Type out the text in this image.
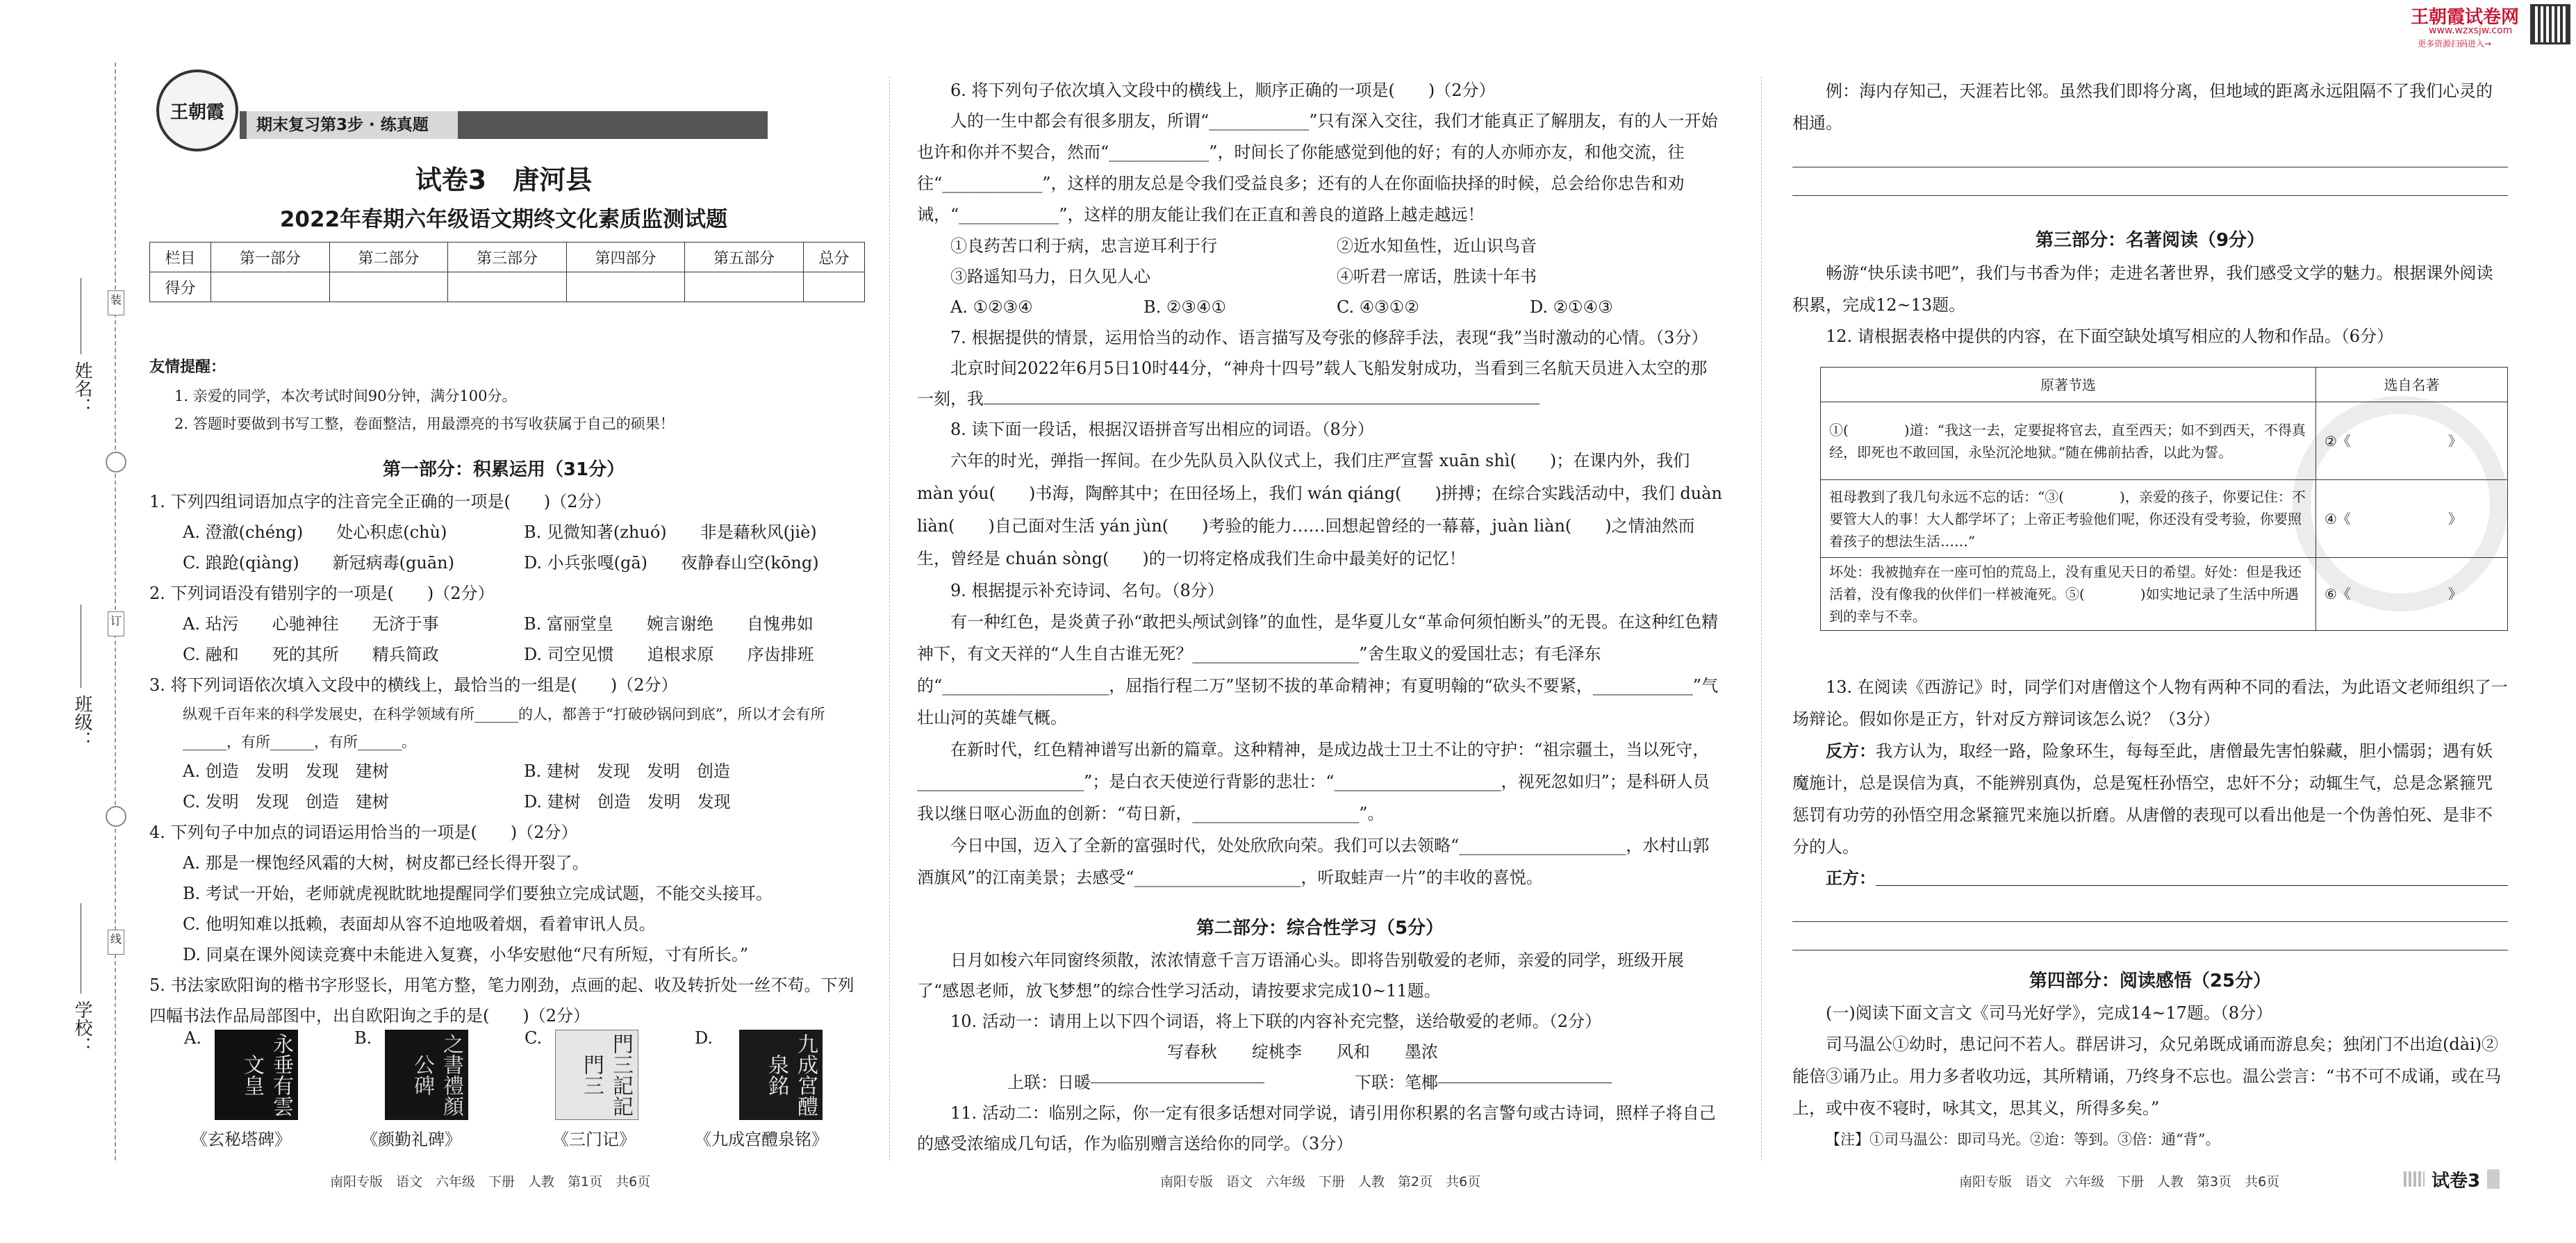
王朝霞试卷网
www.wzxsjw.com
更多资源扫码进入→
姓名：
班级：
学校：
装
订
线
王朝霞
期末复习第3步 · 练真题
试卷3　唐河县
2022年春期六年级语文期终文化素质监测试题
栏目	第一部分	第二部分	第三部分	第四部分	第五部分	总分
得分						
友情提醒：
1. 亲爱的同学，本次考试时间90分钟，满分100分。
2. 答题时要做到书写工整，卷面整洁，用最漂亮的书写收获属于自己的硕果！
第一部分：积累运用（31分）

1. 下列四组词语加点字的注音完全正确的一项是(　　)（2分）

A. 澄澈(chéng)　　处心积虑(chù)	B. 见微知著(zhuó)　　非是藉秋风(jiè)
C. 踉跄(qiàng)　　新冠病毒(guān)	D. 小兵张嘎(gā)　　夜静春山空(kōng)

2. 下列词语没有错别字的一项是(　　)（2分）

A. 玷污　　心驰神往　　无济于事	B. 富丽堂皇　　婉言谢绝　　自愧弗如
C. 融和　　死的其所　　精兵简政	D. 司空见惯　　追根求原　　序齿排班

3. 将下列词语依次填入文段中的横线上，最恰当的一组是(　　)（2分）

纵观千百年来的科学发展史，在科学领域有所______的人，都善于“打破砂锅问到底”，所以才会有所______，有所______，有所______。

A. 创造　发明　发现　建树	B. 建树　发现　发明　创造
C. 发明　发现　创造　建树	D. 建树　创造　发明　发现

4. 下列句子中加点的词语运用恰当的一项是(　　)（2分）

A. 那是一棵饱经风霜的大树，树皮都已经长得开裂了。
B. 考试一开始，老师就虎视眈眈地提醒同学们要独立完成试题，不能交头接耳。
C. 他明知难以抵赖，表面却从容不迫地吸着烟，看着审讯人员。
D. 同桌在课外阅读竞赛中未能进入复赛，小华安慰他“尺有所短，寸有所长。”

5. 书法家欧阳询的楷书字形竖长，用笔方整，笔力刚劲，点画的起、收及转折处一丝不苟。下列四幅书法作品局部图中，出自欧阳询之手的是(　　)（2分）

A.	永垂有雲文皇
《玄秘塔碑》
B.	之書禮顏公碑
《颜勤礼碑》
C.	門三記記門三
《三门记》
D.	九成宮醴泉銘
《九成宫醴泉铭》
南阳专版　语文　六年级　下册　人教　第1页　共6页

6. 将下列句子依次填入文段中的横线上，顺序正确的一项是(　　)（2分）

人的一生中都会有很多朋友，所谓“____________”只有深入交往，我们才能真正了解朋友，有的人一开始也许和你并不契合，然而“____________”，时间长了你能感觉到他的好；有的人亦师亦友，和他交流，往往“____________”，这样的朋友总是令我们受益良多；还有的人在你面临抉择的时候，总会给你忠告和劝诫，“____________”，这样的朋友能让我们在正直和善良的道路上越走越远！

①良药苦口利于病，忠言逆耳利于行	②近水知鱼性，近山识鸟音
③路遥知马力，日久见人心	④听君一席话，胜读十年书
A. ①②③④	B. ②③④①	C. ④③①②	D. ②①④③

7. 根据提供的情景，运用恰当的动作、语言描写及夸张的修辞手法，表现“我”当时激动的心情。（3分）

北京时间2022年6月5日10时44分，“神舟十四号”载人飞船发射成功，当看到三名航天员进入太空的那一刻，我

8. 读下面一段话，根据汉语拼音写出相应的词语。（8分）

六年的时光，弹指一挥间。在少先队员入队仪式上，我们庄严宣誓 xuān shì(　　)；在课内外，我们 màn yóu(　　)书海，陶醉其中；在田径场上，我们 wán qiáng(　　)拼搏；在综合实践活动中，我们 duàn liàn(　　)自己面对生活 yán jùn(　　)考验的能力……回想起曾经的一幕幕，juàn liàn(　　)之情油然而生，曾经是 chuán sòng(　　)的一切将定格成我们生命中最美好的记忆！

9. 根据提示补充诗词、名句。（8分）

有一种红色，是炎黄子孙“敢把头颅试剑锋”的血性，是华夏儿女“革命何须怕断头”的无畏。在这种红色精神下，有文天祥的“人生自古谁无死？____________________”舍生取义的爱国壮志；有毛泽东的“____________________，屈指行程二万”坚韧不拔的革命精神；有夏明翰的“砍头不要紧，____________”气壮山河的英雄气概。

在新时代，红色精神谱写出新的篇章。这种精神，是成边战士卫土不让的守护：“祖宗疆土，当以死守，____________________”；是白衣天使逆行背影的悲壮：“____________________，视死忽如归”；是科研人员我以继日呕心沥血的创新：“苟日新，____________________”。

今日中国，迈入了全新的富强时代，处处欣欣向荣。我们可以去领略“____________________，水村山郭酒旗风”的江南美景；去感受“____________________，听取蛙声一片”的丰收的喜悦。

第二部分：综合性学习（5分）

日月如梭六年同窗终须散，浓浓情意千言万语涌心头。即将告别敬爱的老师，亲爱的同学，班级开展了“感恩老师，放飞梦想”的综合性学习活动，请按要求完成10~11题。

10. 活动一：请用上以下四个词语，将上下联的内容补充完整，送给敬爱的老师。（2分）

写春秋 绽桃李 风和 墨浓
上联：日暖	下联：笔椰

11. 活动二：临别之际，你一定有很多话想对同学说，请引用你积累的名言警句或古诗词，照样子将自己的感受浓缩成几句话，作为临别赠言送给你的同学。（3分）

南阳专版　语文　六年级　下册　人教　第2页　共6页

例：海内存知己，天涯若比邻。虽然我们即将分离，但地域的距离永远阻隔不了我们心灵的相通。

第三部分：名著阅读（9分）

畅游“快乐读书吧”，我们与书香为伴；走进名著世界，我们感受文学的魅力。根据课外阅读积累，完成12~13题。

12. 请根据表格中提供的内容，在下面空缺处填写相应的人物和作品。（6分）

原著节选	选自名著
①(　　　　)道：“我这一去，定要捉将官去，直至西天；如不到西天，不得真经，即死也不敢回国，永坠沉沦地狱。”随在佛前拈香，以此为誓。	②《　　　　　　　》
祖母教到了我几句永远不忘的话：“③(　　　　)，亲爱的孩子，你要记住：不要管大人的事！大人都学坏了；上帝正考验他们呢，你还没有受考验，你要照着孩子的想法生活……”	④《　　　　　　　》
坏处：我被抛弃在一座可怕的荒岛上，没有重见天日的希望。好处：但是我还活着，没有像我的伙伴们一样被淹死。⑤(　　　　)如实地记录了生活中所遇到的幸与不幸。	⑥《　　　　　　　》

13. 在阅读《西游记》时，同学们对唐僧这个人物有两种不同的看法，为此语文老师组织了一场辩论。假如你是正方，针对反方辩词该怎么说？（3分）

反方：我方认为，取经一路，险象环生，每每至此，唐僧最先害怕躲藏，胆小懦弱；遇有妖魔施计，总是误信为真，不能辨别真伪，总是冤枉孙悟空，忠奸不分；动辄生气，总是念紧箍咒惩罚有功劳的孙悟空用念紧箍咒来施以折磨。从唐僧的表现可以看出他是一个伪善怕死、是非不分的人。

正方：
第四部分：阅读感悟（25分）

(一)阅读下面文言文《司马光好学》，完成14~17题。（8分）

司马温公①幼时，患记问不若人。群居讲习，众兄弟既成诵而游息矣；独闭门不出迨(dài)②能倍③诵乃止。用力多者收功远，其所精诵，乃终身不忘也。温公尝言：“书不可不成诵，或在马上，或中夜不寝时，咏其文，思其义，所得多矣。”

【注】①司马温公：即司马光。②迨：等到。③倍：通“背”。

南阳专版　语文　六年级　下册　人教　第3页　共6页	试卷3
